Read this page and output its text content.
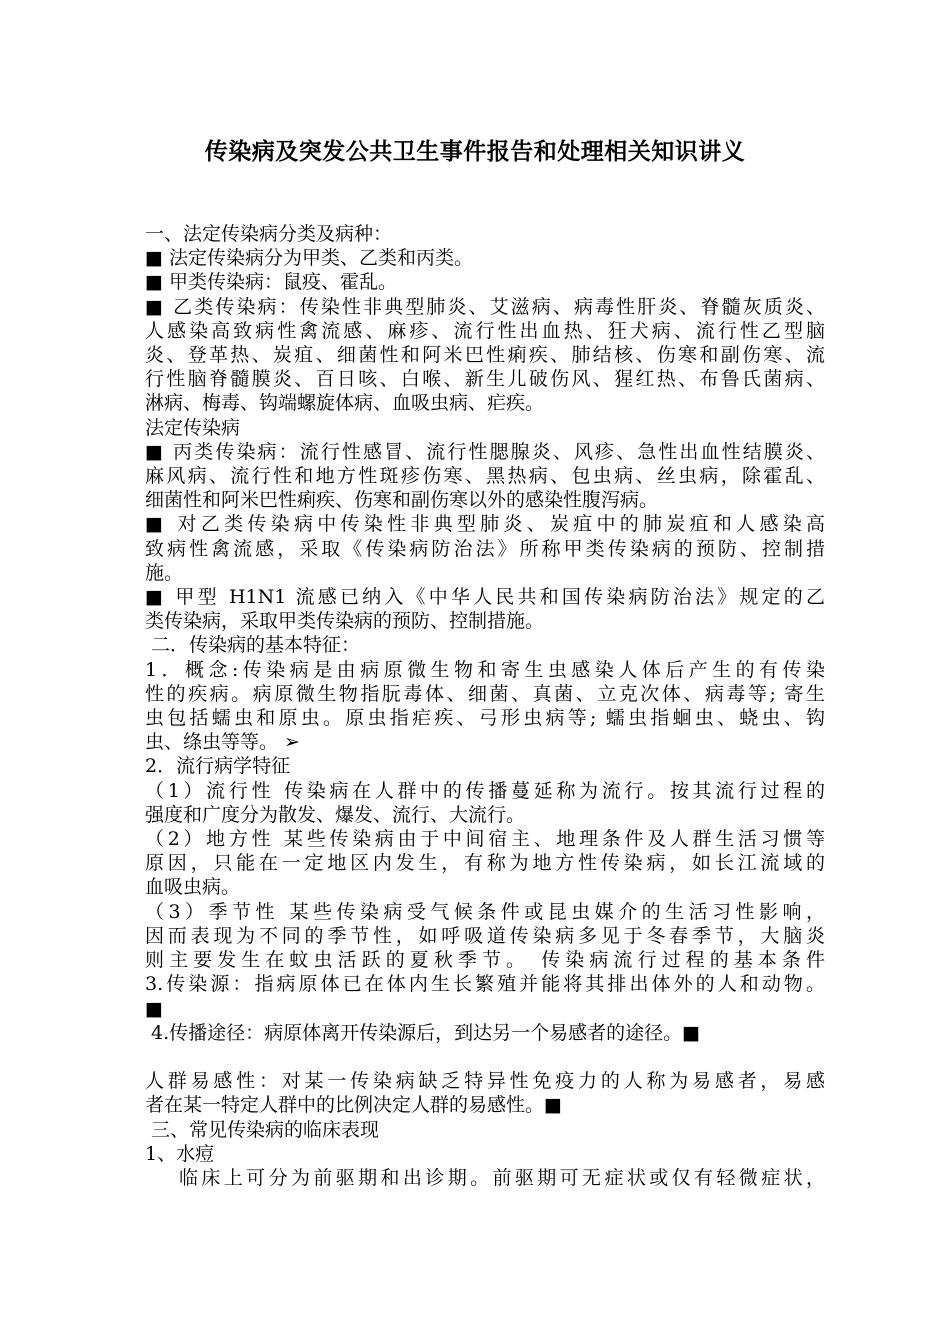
传染病及突发公共卫生事件报告和处理相关知识讲义
一、法定传染病分类及病种：
■ 法定传染病分为甲类、乙类和丙类。
■ 甲类传染病：鼠疫、霍乱。
■ 乙类传染病：传染性非典型肺炎、艾滋病、病毒性肝炎、脊髓灰质炎、
人感染高致病性禽流感、麻疹、流行性出血热、狂犬病、流行性乙型脑
炎、登革热、炭疽、细菌性和阿米巴性痢疾、肺结核、伤寒和副伤寒、流
行性脑脊髓膜炎、百日咳、白喉、新生儿破伤风、猩红热、布鲁氏菌病、
淋病、梅毒、钩端螺旋体病、血吸虫病、疟疾。
法定传染病
■ 丙类传染病：流行性感冒、流行性腮腺炎、风疹、急性出血性结膜炎、
麻风病、流行性和地方性斑疹伤寒、黑热病、包虫病、丝虫病，除霍乱、
细菌性和阿米巴性痢疾、伤寒和副伤寒以外的感染性腹泻病。
■ 对乙类传染病中传染性非典型肺炎、炭疽中的肺炭疽和人感染高
致病性禽流感，采取《传染病防治法》所称甲类传染病的预防、控制措
施。
■ 甲型 H1N1 流感已纳入《中华人民共和国传染病防治法》规定的乙
类传染病，采取甲类传染病的预防、控制措施。
二．传染病的基本特征：
1．概念:传染病是由病原微生物和寄生虫感染人体后产生的有传染
性的疾病。病原微生物指朊毒体、细菌、真菌、立克次体、病毒等; 寄生
虫包括蠕虫和原虫。原虫指疟疾、弓形虫病等; 蠕虫指蛔虫、蛲虫、钩
虫、绦虫等等。 ➢
2．流行病学特征
（1）流行性 传染病在人群中的传播蔓延称为流行。按其流行过程的
强度和广度分为散发、爆发、流行、大流行。
（2）地方性 某些传染病由于中间宿主、地理条件及人群生活习惯等
原因，只能在一定地区内发生，有称为地方性传染病，如长江流域的
血吸虫病。
（3）季节性 某些传染病受气候条件或昆虫媒介的生活习性影响，
因而表现为不同的季节性，如呼吸道传染病多见于冬春季节，大脑炎
则主要发生在蚊虫活跃的夏秋季节。 传染病流行过程的基本条件
3.传染源：指病原体已在体内生长繁殖并能将其排出体外的人和动物。
■
4.传播途径：病原体离开传染源后，到达另一个易感者的途径。■
人群易感性：对某一传染病缺乏特异性免疫力的人称为易感者，易感
者在某一特定人群中的比例决定人群的易感性。■
三、常见传染病的临床表现
1、水痘
临床上可分为前驱期和出诊期。前驱期可无症状或仅有轻微症状，
